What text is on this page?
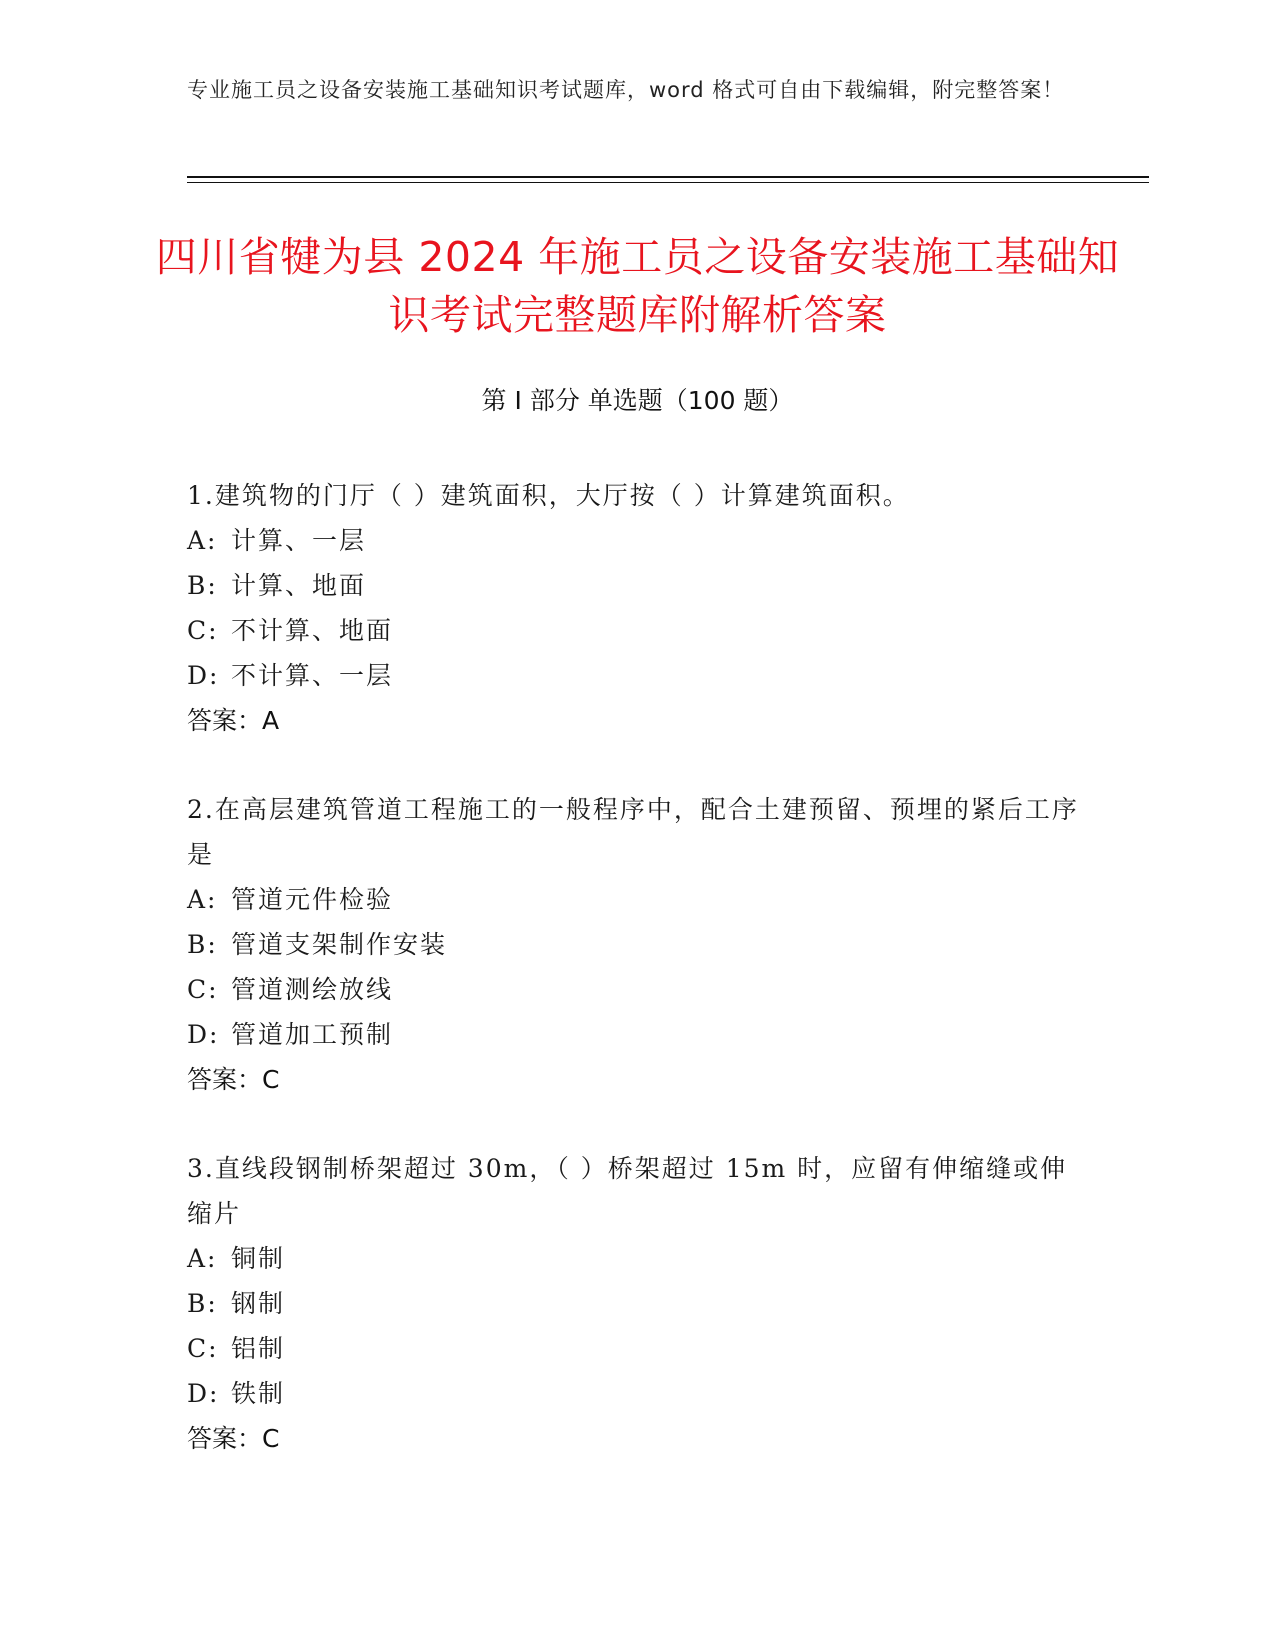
专业施工员之设备安装施工基础知识考试题库，word 格式可自由下载编辑，附完整答案！
四川省犍为县 2024 年施工员之设备安装施工基础知识考试完整题库附解析答案
第 I 部分 单选题（100 题）

1.建筑物的门厅（ ）建筑面积，大厅按（ ）计算建筑面积。

A: 计算、一层

B: 计算、地面

C: 不计算、地面

D: 不计算、一层

答案：A

2.在高层建筑管道工程施工的一般程序中，配合土建预留、预埋的紧后工序是

A: 管道元件检验

B: 管道支架制作安装

C: 管道测绘放线

D: 管道加工预制

答案：C

3.直线段钢制桥架超过 30m，（ ）桥架超过 15m 时，应留有伸缩缝或伸缩片

A: 铜制

B: 钢制

C: 铝制

D: 铁制

答案：C
